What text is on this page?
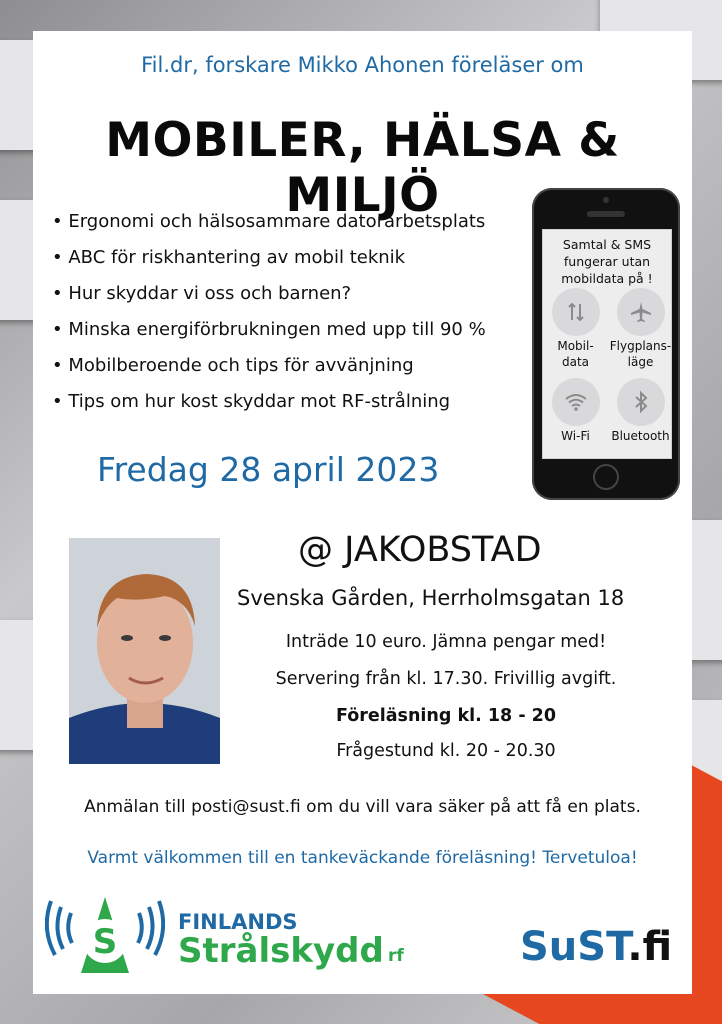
Fil.dr, forskare Mikko Ahonen föreläser om
MOBILER, HÄLSA & MILJÖ
• Ergonomi och hälsosammare datorarbetsplats
• ABC för riskhantering av mobil teknik
• Hur skyddar vi oss och barnen?
• Minska energiförbrukningen med upp till 90 %
• Mobilberoende och tips för avvänjning
• Tips om hur kost skyddar mot RF-strålning
Fredag 28 april 2023
Samtal & SMS
fungerar utan
mobildata på !
Mobil-
data
Flygplans-
läge
Wi-Fi	Bluetooth
@ JAKOBSTAD
Svenska Gården, Herrholmsgatan 18
Inträde 10 euro. Jämna pengar med!
Servering från kl. 17.30. Frivillig avgift.
Föreläsning kl. 18 - 20
Frågestund kl. 20 - 20.30
Anmälan till posti@sust.fi om du vill vara säker på att få en plats.
Varmt välkommen till en tankeväckande föreläsning! Tervetuloa!
S	FINLANDS
Strålskydd rf	SuST.fi
